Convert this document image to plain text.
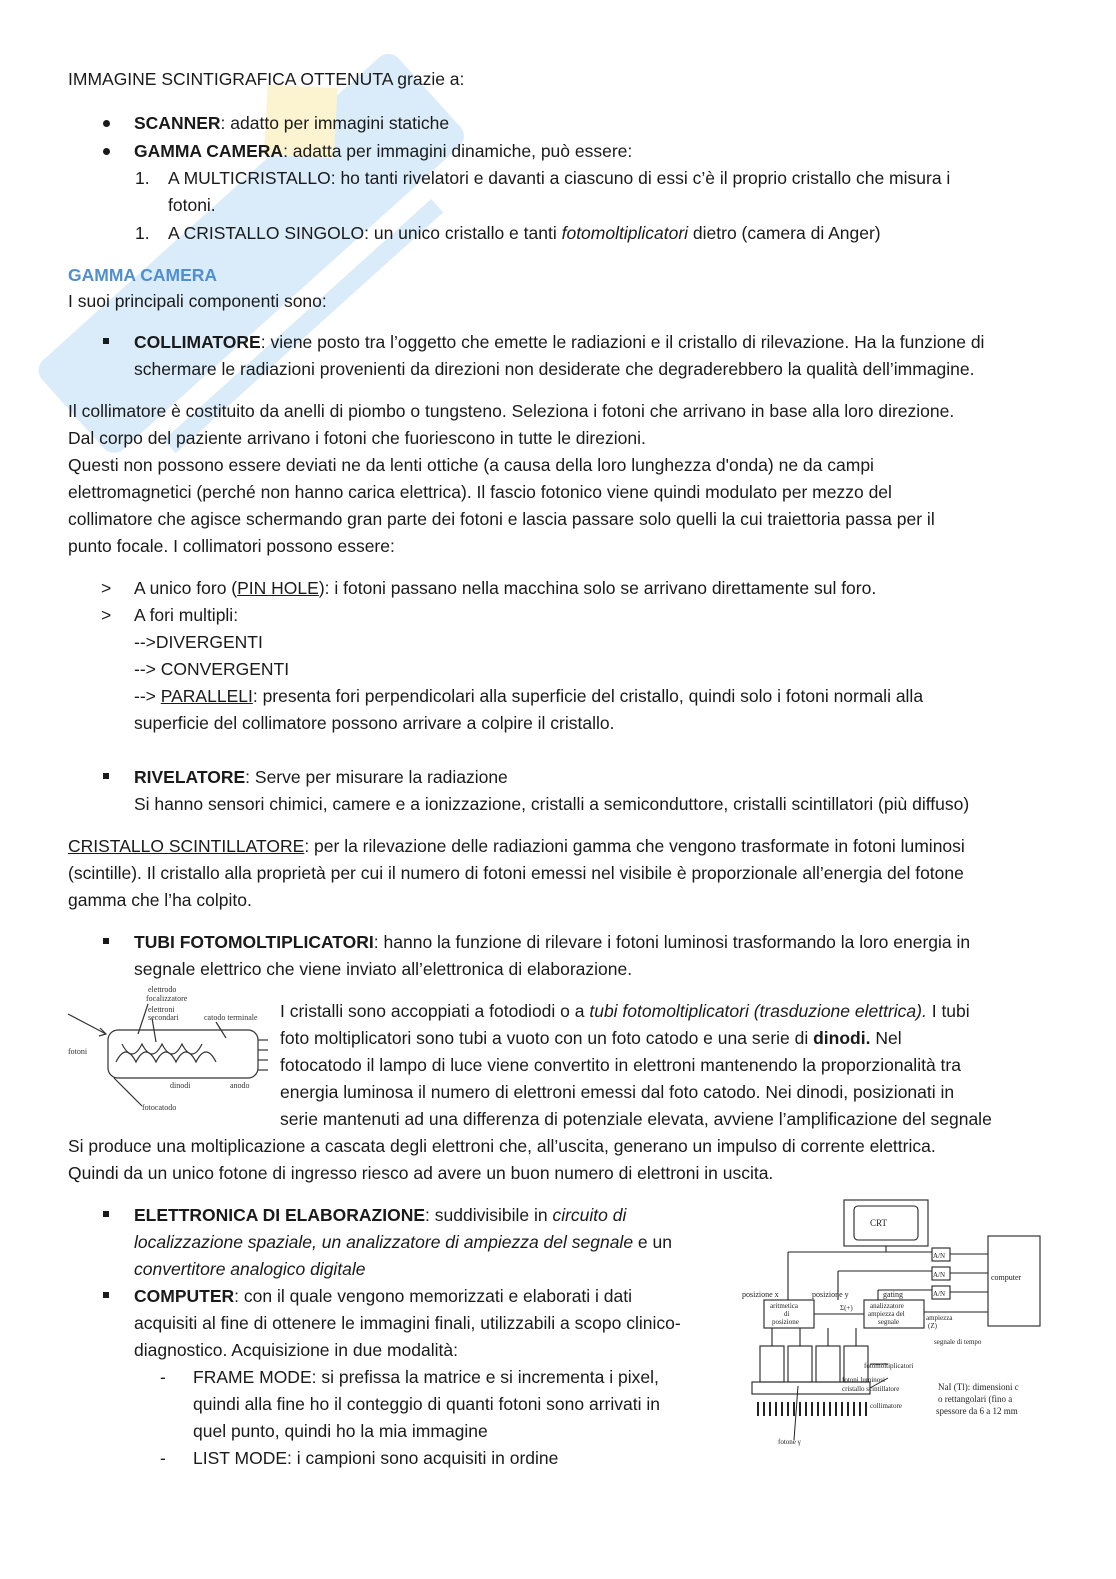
IMMAGINE SCINTIGRAFICA OTTENUTA grazie a:
SCANNER: adatto per immagini statiche
GAMMA CAMERA: adatta per immagini dinamiche, può essere:
1. A MULTICRISTALLO: ho tanti rivelatori e davanti a ciascuno di essi c’è il proprio cristallo che misura i
fotoni.
1. A CRISTALLO SINGOLO: un unico cristallo e tanti fotomoltiplicatori dietro (camera di Anger)
GAMMA CAMERA
I suoi principali componenti sono:
COLLIMATORE: viene posto tra l’oggetto che emette le radiazioni e il cristallo di rilevazione. Ha la funzione di
schermare le radiazioni provenienti da direzioni non desiderate che degraderebbero la qualità dell’immagine.
Il collimatore è costituito da anelli di piombo o tungsteno. Seleziona i fotoni che arrivano in base alla loro direzione.
Dal corpo del paziente arrivano i fotoni che fuoriescono in tutte le direzioni.
Questi non possono essere deviati ne da lenti ottiche (a causa della loro lunghezza d'onda) ne da campi
elettromagnetici (perché non hanno carica elettrica). Il fascio fotonico viene quindi modulato per mezzo del
collimatore che agisce schermando gran parte dei fotoni e lascia passare solo quelli la cui traiettoria passa per il
punto focale. I collimatori possono essere:
> A unico foro (PIN HOLE): i fotoni passano nella macchina solo se arrivano direttamente sul foro.
> A fori multipli:
-->DIVERGENTI
--> CONVERGENTI
--> PARALLELI: presenta fori perpendicolari alla superficie del cristallo, quindi solo i fotoni normali alla
superficie del collimatore possono arrivare a colpire il cristallo.
RIVELATORE: Serve per misurare la radiazione
Si hanno sensori chimici, camere e a ionizzazione, cristalli a semiconduttore, cristalli scintillatori (più diffuso)
CRISTALLO SCINTILLATORE: per la rilevazione delle radiazioni gamma che vengono trasformate in fotoni luminosi
(scintille). Il cristallo alla proprietà per cui il numero di fotoni emessi nel visibile è proporzionale all’energia del fotone
gamma che l’ha colpito.
TUBI FOTOMOLTIPLICATORI: hanno la funzione di rilevare i fotoni luminosi trasformando la loro energia in
segnale elettrico che viene inviato all’elettronica di elaborazione.
elettrodo
focalizzatore
elettroni
secondari	catodo terminale
fotoni
dinodi	anodo
fotocatodo
I cristalli sono accoppiati a fotodiodi o a tubi fotomoltiplicatori (trasduzione elettrica). I tubi
foto moltiplicatori sono tubi a vuoto con un foto catodo e una serie di dinodi. Nel
fotocatodo il lampo di luce viene convertito in elettroni mantenendo la proporzionalità tra
energia luminosa il numero di elettroni emessi dal foto catodo. Nei dinodi, posizionati in
serie mantenuti ad una differenza di potenziale elevata, avviene l’amplificazione del segnale
Si produce una moltiplicazione a cascata degli elettroni che, all’uscita, generano un impulso di corrente elettrica.
Quindi da un unico fotone di ingresso riesco ad avere un buon numero di elettroni in uscita.
ELETTRONICA DI ELABORAZIONE: suddivisibile in circuito di
localizzazione spaziale, un analizzatore di ampiezza del segnale e un
convertitore analogico digitale
COMPUTER: con il quale vengono memorizzati e elaborati i dati
acquisiti al fine di ottenere le immagini finali, utilizzabili a scopo clinico-
diagnostico. Acquisizione in due modalità:
- FRAME MODE: si prefissa la matrice e si incrementa i pixel,
quindi alla fine ho il conteggio di quanti fotoni sono arrivati in
quel punto, quindi ho la mia immagine
- LIST MODE: i campioni sono acquisiti in ordine
CRT
A/N
A/N
A/N
computer
posizione x	posizione y	gating
aritmetica
di
posizione
Σ(+) analizzatore
ampiezza del
segnale	ampiezza
(Z)
segnale di tempo
fotomoltiplicatori
fotoni luminosi
cristallo scintillatore
collimatore
NaI (Tl): dimensioni c
o rettangolari (fino a
spessore da 6 a 12 mm
fotone γ
